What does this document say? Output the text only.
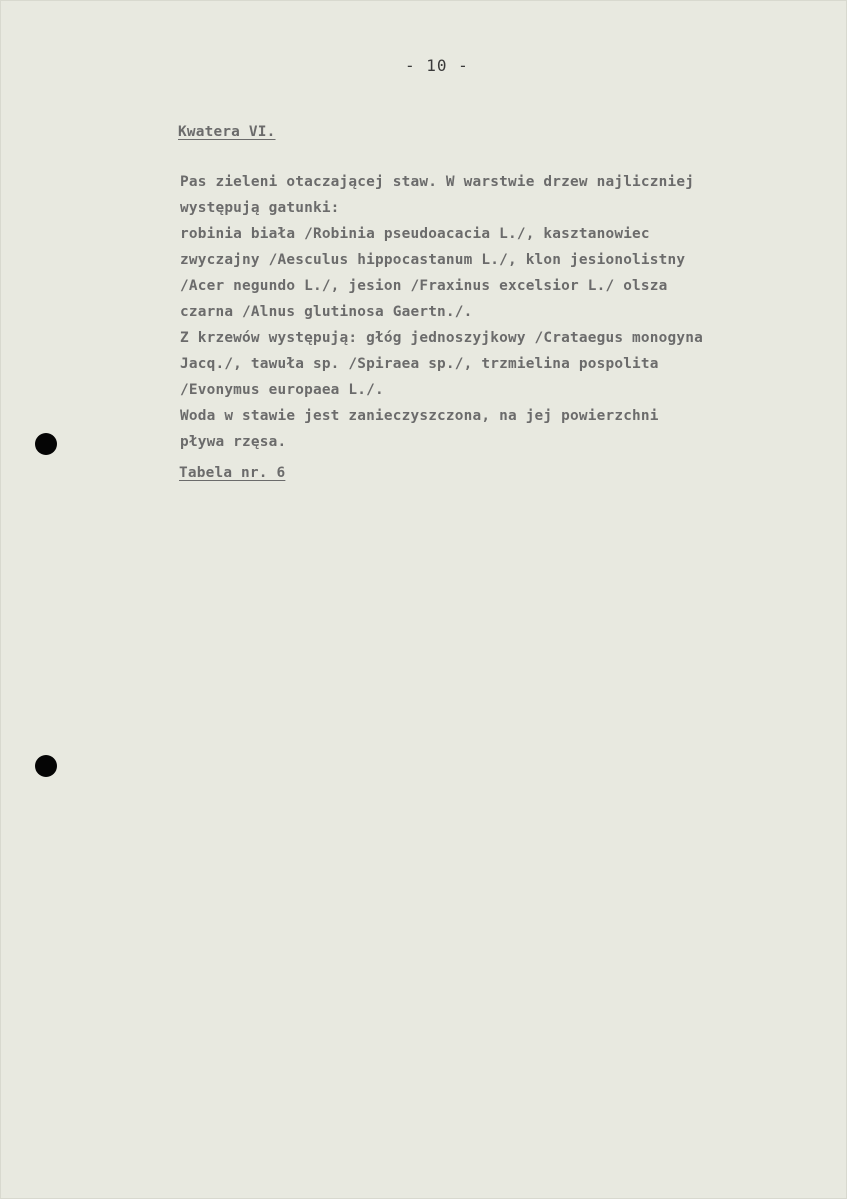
- 10 -
Kwatera VI.
Pas zieleni otaczającej staw. W warstwie drzew najliczniej
występują gatunki:
robinia biała /Robinia pseudoacacia L./, kasztanowiec
zwyczajny /Aesculus hippocastanum L./, klon jesionolistny
/Acer negundo L./, jesion /Fraxinus excelsior L./ olsza
czarna /Alnus glutinosa Gaertn./.
Z krzewów występują: głóg jednoszyjkowy /Crataegus monogyna
Jacq./, tawuła sp. /Spiraea sp./, trzmielina pospolita
/Evonymus europaea L./.
Woda w stawie jest zanieczyszczona, na jej powierzchni
pływa rzęsa.
Tabela nr. 6
